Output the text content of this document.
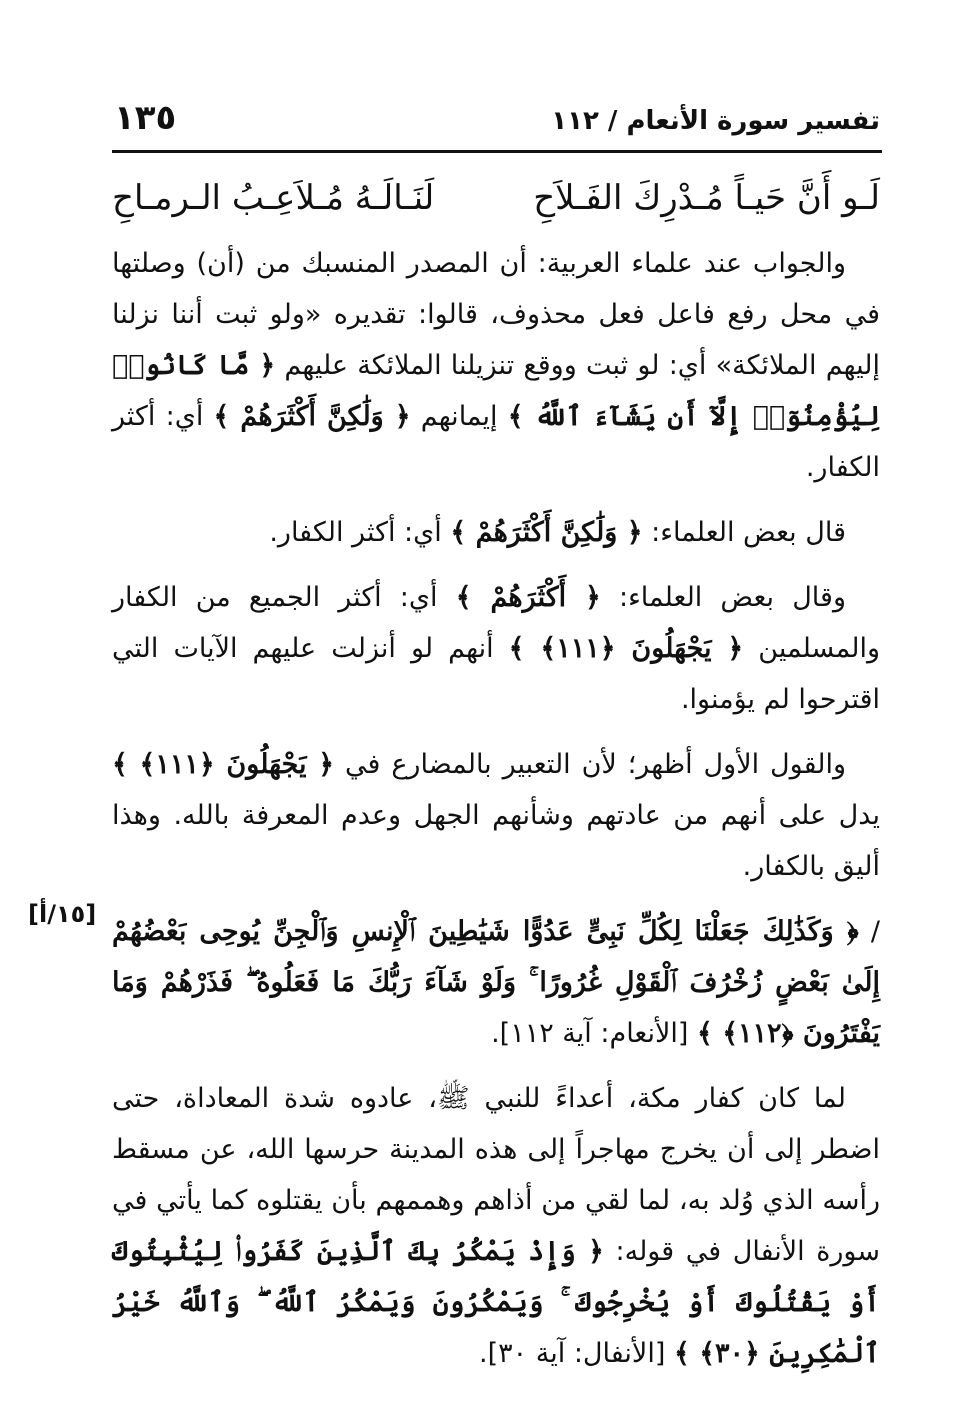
تفسير سورة الأنعام / ١١٢
١٣٥
لَـو أَنَّ حَيـاً مُـدْرِكَ الفَـلاَحِ
لَنَـالَـهُ مُـلاَعِـبُ الـرمـاحِ

والجواب عند علماء العربية: أن المصدر المنسبك من (أن) وصلتها في محل رفع فاعل فعل محذوف، قالوا: تقديره «ولو ثبت أننا نزلنا إليهم الملائكة» أي: لو ثبت ووقع تنزيلنا الملائكة عليهم ﴿ مَّا كَانُوا۟ لِيُؤْمِنُوٓا۟ إِلَّآ أَن يَشَآءَ ٱللَّهُ ﴾ إيمانهم ﴿ وَلَٰكِنَّ أَكْثَرَهُمْ ﴾ أي: أكثر الكفار.

قال بعض العلماء: ﴿ وَلَٰكِنَّ أَكْثَرَهُمْ ﴾ أي: أكثر الكفار.

وقال بعض العلماء: ﴿ أَكْثَرَهُمْ ﴾ أي: أكثر الجميع من الكفار والمسلمين ﴿ يَجْهَلُونَ ﴿١١١﴾ ﴾ أنهم لو أنزلت عليهم الآيات التي اقترحوا لم يؤمنوا.

والقول الأول أظهر؛ لأن التعبير بالمضارع في ﴿ يَجْهَلُونَ ﴿١١١﴾ ﴾ يدل على أنهم من عادتهم وشأنهم الجهل وعدم المعرفة بالله. وهذا أليق بالكفار.

/ ﴿ وَكَذَٰلِكَ جَعَلْنَا لِكُلِّ نَبِىٍّ عَدُوًّا شَيَٰطِينَ ٱلْإِنسِ وَٱلْجِنِّ يُوحِى بَعْضُهُمْ إِلَىٰ بَعْضٍ زُخْرُفَ ٱلْقَوْلِ غُرُورًا ۚ وَلَوْ شَآءَ رَبُّكَ مَا فَعَلُوهُ ۖ فَذَرْهُمْ وَمَا يَفْتَرُونَ ﴿١١٢﴾ ﴾ [الأنعام: آية ١١٢].

لما كان كفار مكة، أعداءً للنبي ﷺ، عادوه شدة المعاداة، حتى اضطر إلى أن يخرج مهاجراً إلى هذه المدينة حرسها الله، عن مسقط رأسه الذي وُلد به، لما لقي من أذاهم وهممهم بأن يقتلوه كما يأتي في سورة الأنفال في قوله: ﴿ وَإِذْ يَمْكُرُ بِكَ ٱلَّذِينَ كَفَرُوا۟ لِيُثْبِتُوكَ أَوْ يَقْتُلُوكَ أَوْ يُخْرِجُوكَ ۚ وَيَمْكُرُونَ وَيَمْكُرُ ٱللَّهُ ۖ وَٱللَّهُ خَيْرُ ٱلْمَٰكِرِينَ ﴿٣٠﴾ ﴾ [الأنفال: آية ٣٠].

[١٥/أ]
